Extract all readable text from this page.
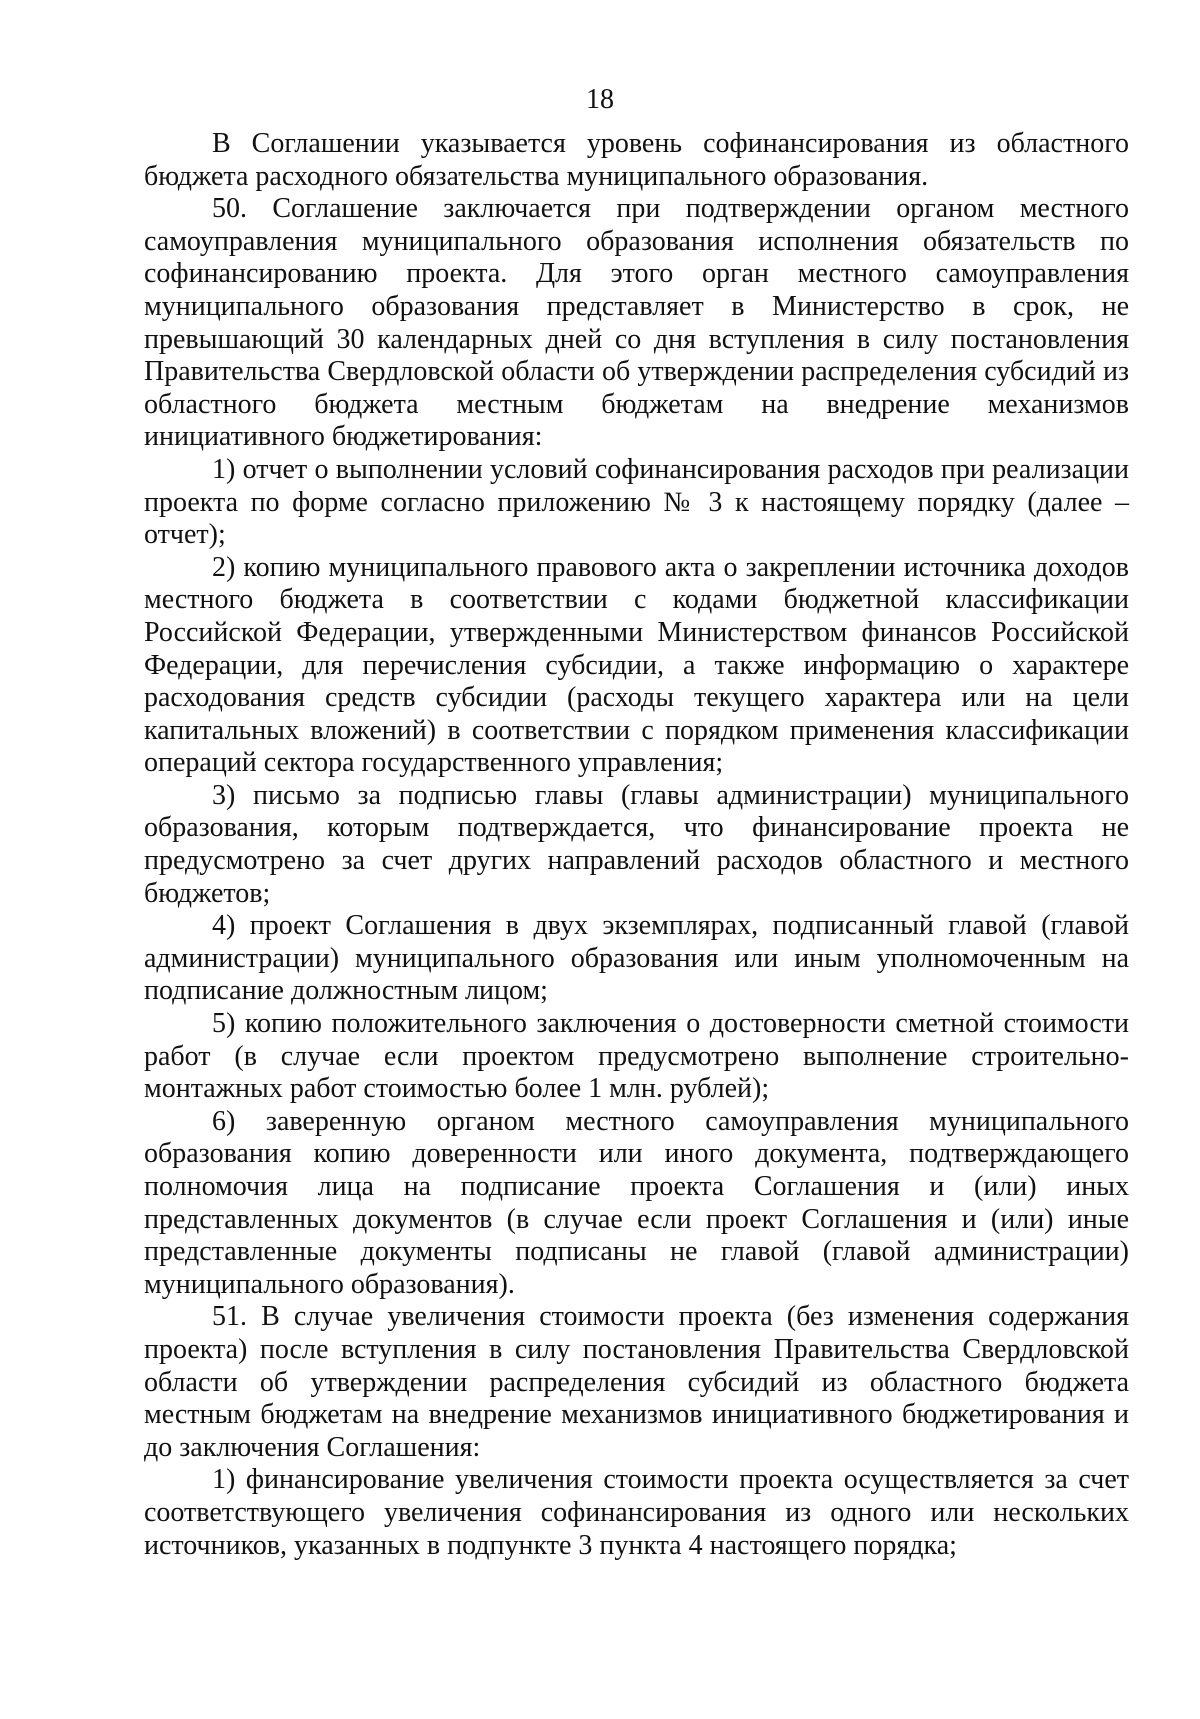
18

В Соглашении указывается уровень софинансирования из областного бюджета расходного обязательства муниципального образования.

50. Соглашение заключается при подтверждении органом местного самоуправления муниципального образования исполнения обязательств по софинансированию проекта. Для этого орган местного самоуправления муниципального образования представляет в Министерство в срок, не превышающий 30 календарных дней со дня вступления в силу постановления Правительства Свердловской области об утверждении распределения субсидий из областного бюджета местным бюджетам на внедрение механизмов инициативного бюджетирования:

1) отчет о выполнении условий софинансирования расходов при реализации проекта по форме согласно приложению № 3 к настоящему порядку (далее – отчет);

2) копию муниципального правового акта о закреплении источника доходов местного бюджета в соответствии с кодами бюджетной классификации Российской Федерации, утвержденными Министерством финансов Российской Федерации, для перечисления субсидии, а также информацию о характере расходования средств субсидии (расходы текущего характера или на цели капитальных вложений) в соответствии с порядком применения классификации операций сектора государственного управления;

3) письмо за подписью главы (главы администрации) муниципального образования, которым подтверждается, что финансирование проекта не предусмотрено за счет других направлений расходов областного и местного бюджетов;

4) проект Соглашения в двух экземплярах, подписанный главой (главой администрации) муниципального образования или иным уполномоченным на подписание должностным лицом;

5) копию положительного заключения о достоверности сметной стоимости работ (в случае если проектом предусмотрено выполнение строительно-монтажных работ стоимостью более 1 млн. рублей);

6) заверенную органом местного самоуправления муниципального образования копию доверенности или иного документа, подтверждающего полномочия лица на подписание проекта Соглашения и (или) иных представленных документов (в случае если проект Соглашения и (или) иные представленные документы подписаны не главой (главой администрации) муниципального образования).

51. В случае увеличения стоимости проекта (без изменения содержания проекта) после вступления в силу постановления Правительства Свердловской области об утверждении распределения субсидий из областного бюджета местным бюджетам на внедрение механизмов инициативного бюджетирования и до заключения Соглашения:

1) финансирование увеличения стоимости проекта осуществляется за счет соответствующего увеличения софинансирования из одного или нескольких источников, указанных в подпункте 3 пункта 4 настоящего порядка;
